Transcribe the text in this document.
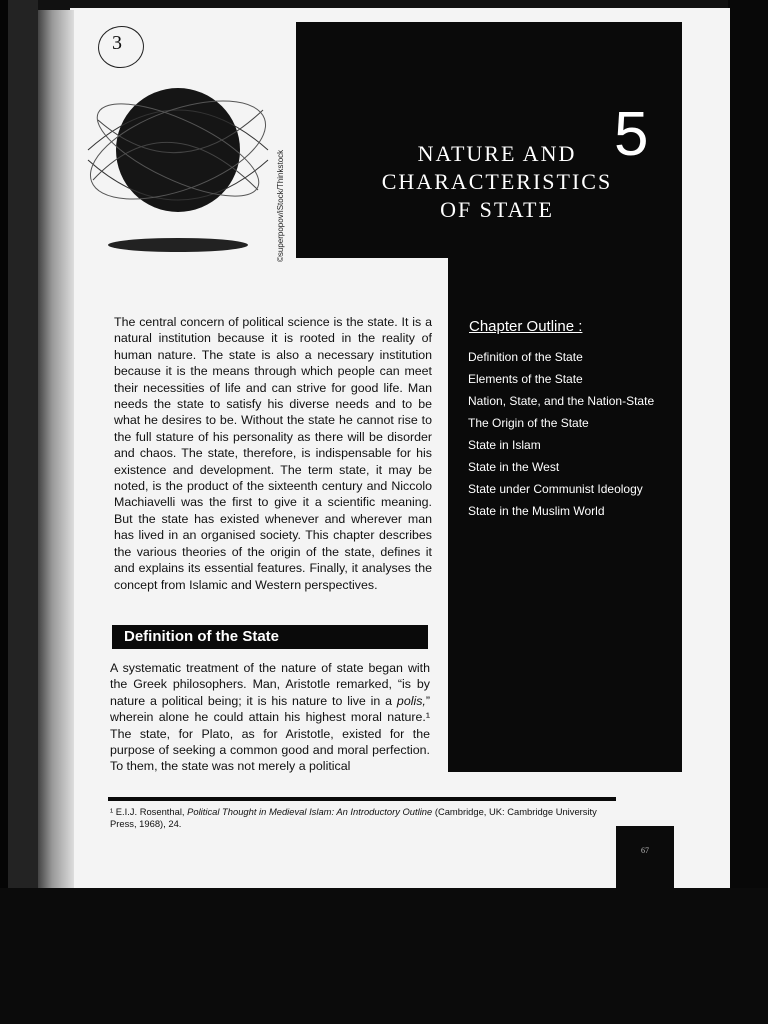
3
©superpopov/iStock/Thinkstock
5
NATURE AND
CHARACTERISTICS
OF STATE
Chapter Outline :
Definition of the State
Elements of the State
Nation, State, and the Nation-State
The Origin of the State
State in Islam
State in the West
State under Communist Ideology
State in the Muslim World

The central concern of political science is the state. It is a natural institution because it is rooted in the reality of human nature. The state is also a necessary institution because it is the means through which people can meet their necessities of life and can strive for good life. Man needs the state to satisfy his diverse needs and to be what he desires to be. Without the state he cannot rise to the full stature of his personality as there will be disorder and chaos. The state, therefore, is indispensable for his existence and development. The term state, it may be noted, is the product of the sixteenth century and Niccolo Machiavelli was the first to give it a scientific meaning. But the state has existed whenever and wherever man has lived in an organised society. This chapter describes the various theories of the origin of the state, defines it and explains its essential features. Finally, it analyses the concept from Islamic and Western perspectives.

Definition of the State

A systematic treatment of the nature of state began with the Greek philosophers. Man, Aristotle remarked, “is by nature a political being; it is his nature to live in a polis,” wherein alone he could attain his highest moral nature.¹ The state, for Plato, as for Aristotle, existed for the purpose of seeking a common good and moral perfection. To them, the state was not merely a political

¹ E.I.J. Rosenthal, Political Thought in Medieval Islam: An Introductory Outline (Cambridge, UK: Cambridge University Press, 1968), 24.
67
